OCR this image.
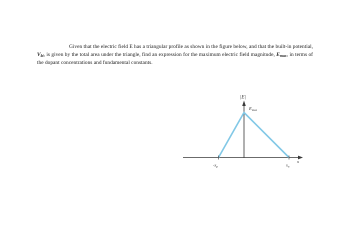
Given that the electric field E has a triangular profile as shown in the figure below, and that the built-in potential, $V_{bi}$, is given by the total area under the triangle, find an expression for the maximum electric field magnitude, $E_{max}$, in terms of the dopant concentrations and fundamental constants.
|E|
Emax
-xp	xn
x
